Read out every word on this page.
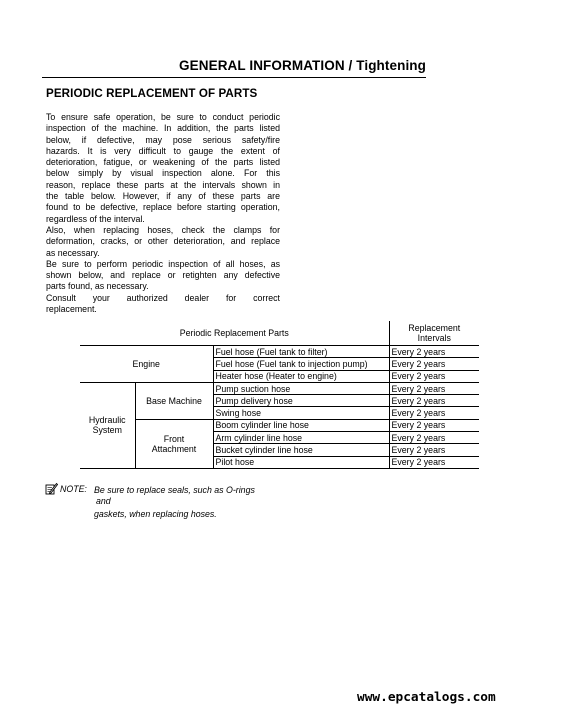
GENERAL INFORMATION / Tightening
PERIODIC REPLACEMENT OF PARTS
To ensure safe operation, be sure to conduct periodic
inspection of the machine. In addition, the parts listed
below, if defective, may pose serious safety/fire
hazards. It is very difficult to gauge the extent of
deterioration, fatigue, or weakening of the parts listed
below simply by visual inspection alone. For this
reason, replace these parts at the intervals shown in
the table below. However, if any of these parts are
found to be defective, replace before starting operation,
regardless of the interval.
Also, when replacing hoses, check the clamps for
deformation, cracks, or other deterioration, and replace
as necessary.
Be sure to perform periodic inspection of all hoses, as
shown below, and replace or retighten any defective
parts found, as necessary.
Consult your authorized dealer for correct
replacement.
Periodic Replacement Parts			Replacement
Intervals

Engine		Fuel hose (Fuel tank to filter)	Every 2 years
		Fuel hose (Fuel tank to injection pump)	Every 2 years
		Heater hose (Heater to engine)	Every 2 years

Hydraulic
System	Base Machine	Pump suction hose	Every 2 years
		Pump delivery hose	Every 2 years
		Swing hose	Every 2 years

	Front
Attachment	Boom cylinder line hose	Every 2 years
		Arm cylinder line hose	Every 2 years
		Bucket cylinder line hose	Every 2 years
		Pilot hose	Every 2 years
NOTE: Be sure to replace seals, such as O-rings
and
gaskets, when replacing hoses.
www.epcatalogs.com
